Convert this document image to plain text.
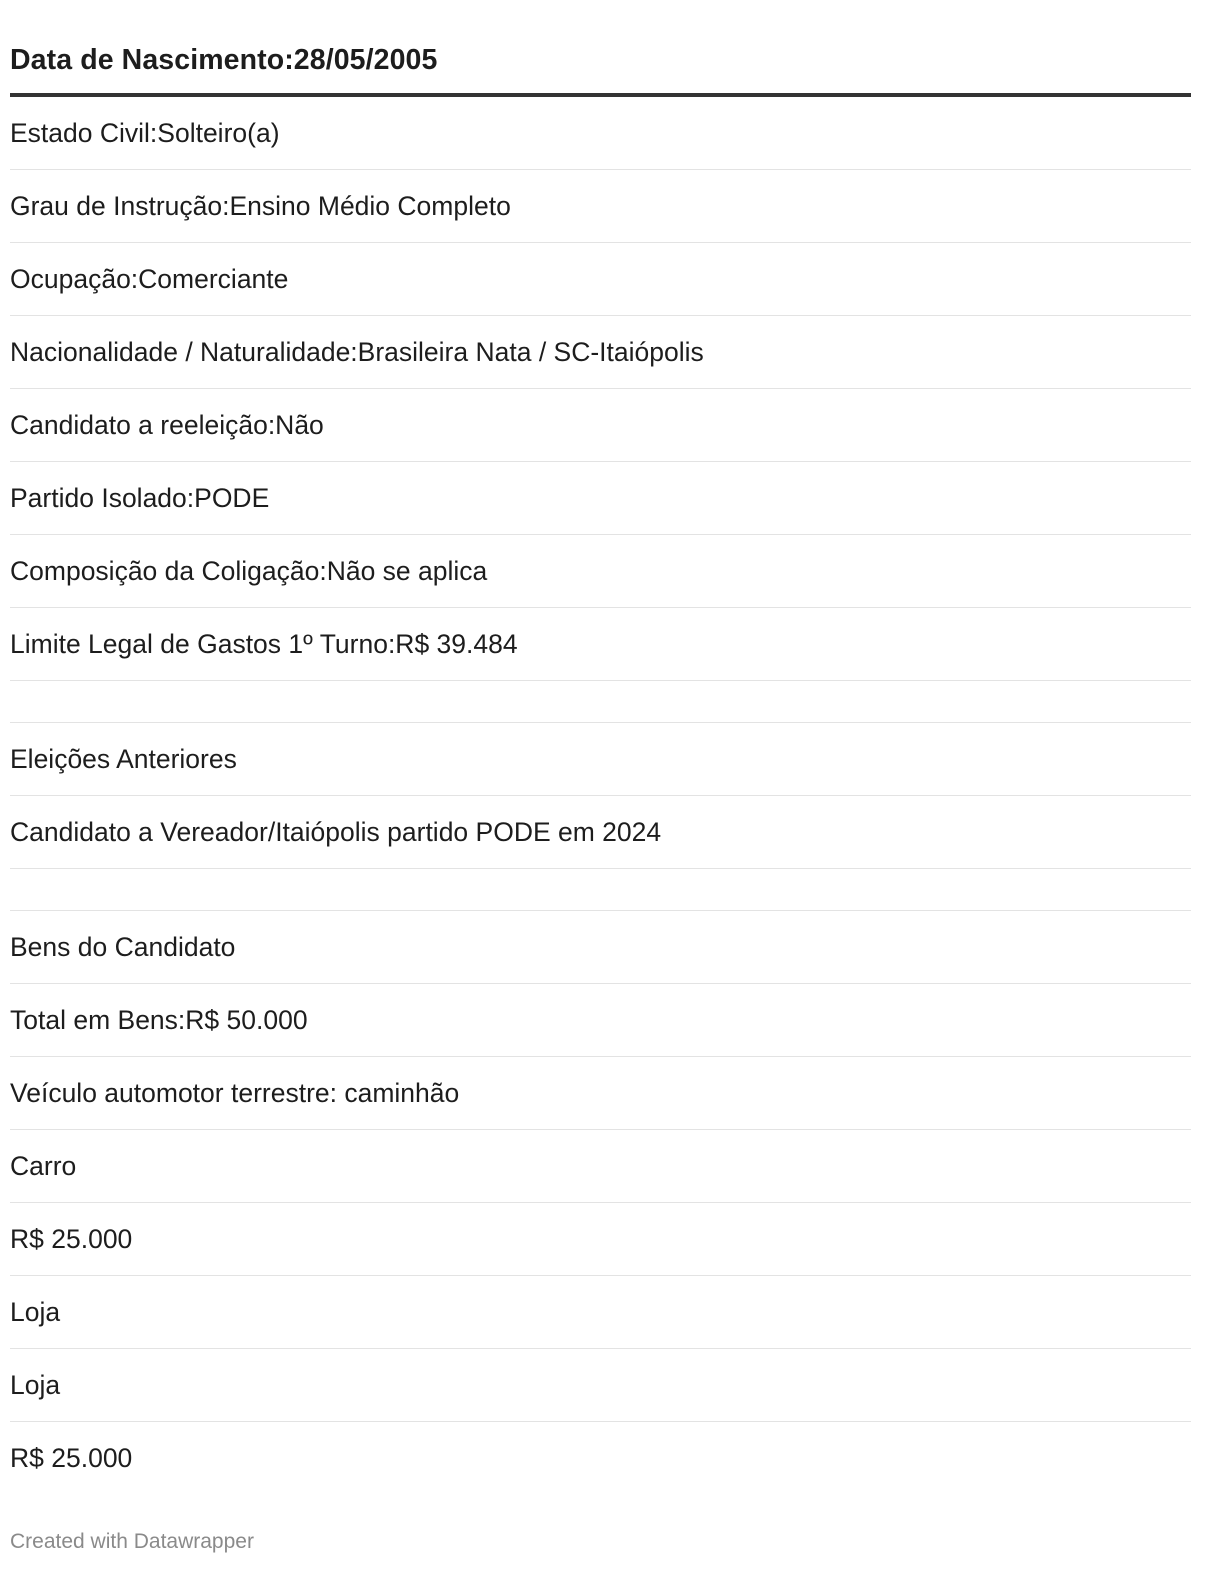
Data de Nascimento:28/05/2005
Estado Civil:Solteiro(a)
Grau de Instrução:Ensino Médio Completo
Ocupação:Comerciante
Nacionalidade / Naturalidade:Brasileira Nata / SC-Itaiópolis
Candidato a reeleição:Não
Partido Isolado:PODE
Composição da Coligação:Não se aplica
Limite Legal de Gastos 1º Turno:R$ 39.484
Eleições Anteriores
Candidato a Vereador/Itaiópolis partido PODE em 2024
Bens do Candidato
Total em Bens:R$ 50.000
Veículo automotor terrestre: caminhão
Carro
R$ 25.000
Loja
Loja
R$ 25.000
Created with Datawrapper
